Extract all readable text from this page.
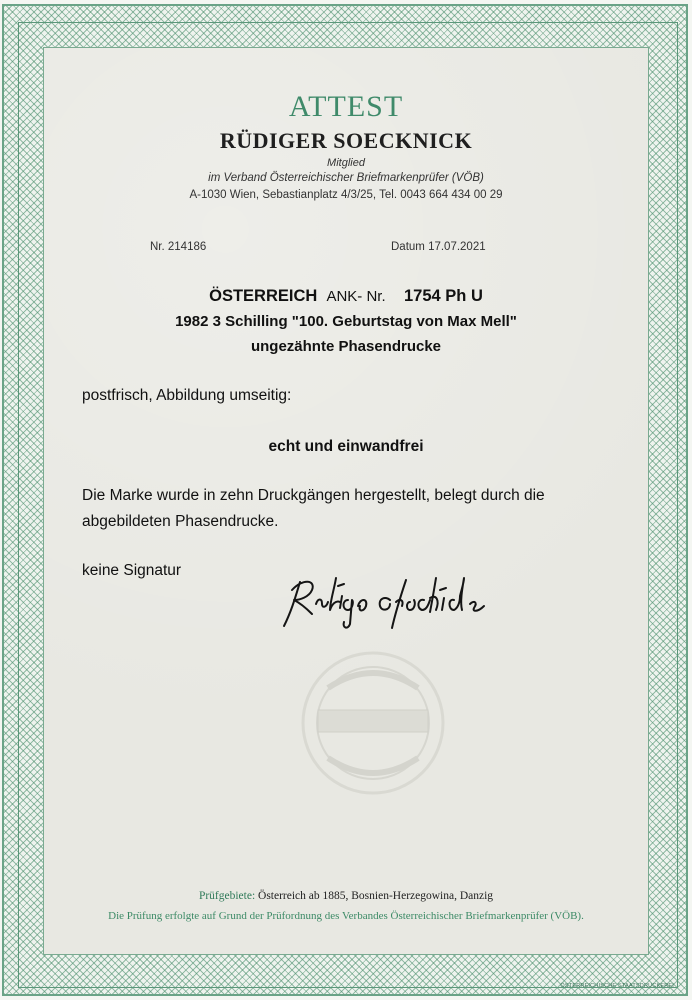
ATTEST
RÜDIGER SOECKNICK
Mitglied
im Verband Österreichischer Briefmarkenprüfer (VÖB)
A-1030 Wien, Sebastianplatz 4/3/25, Tel. 0043 664 434 00 29
Nr. 214186	Datum 17.07.2021
ÖSTERREICH ANK- Nr. 1754 Ph U
1982 3 Schilling "100. Geburtstag von Max Mell"
ungezähnte Phasendrucke
postfrisch, Abbildung umseitig:
echt und einwandfrei
Die Marke wurde in zehn Druckgängen hergestellt, belegt durch die
abgebildeten Phasendrucke.
keine Signatur
Prüfgebiete: Österreich ab 1885, Bosnien-Herzegowina, Danzig
Die Prüfung erfolgte auf Grund der Prüfordnung des Verbandes Österreichischer Briefmarkenprüfer (VÖB).
ÖSTERREICHISCHE STAATSDRUCKEREI
